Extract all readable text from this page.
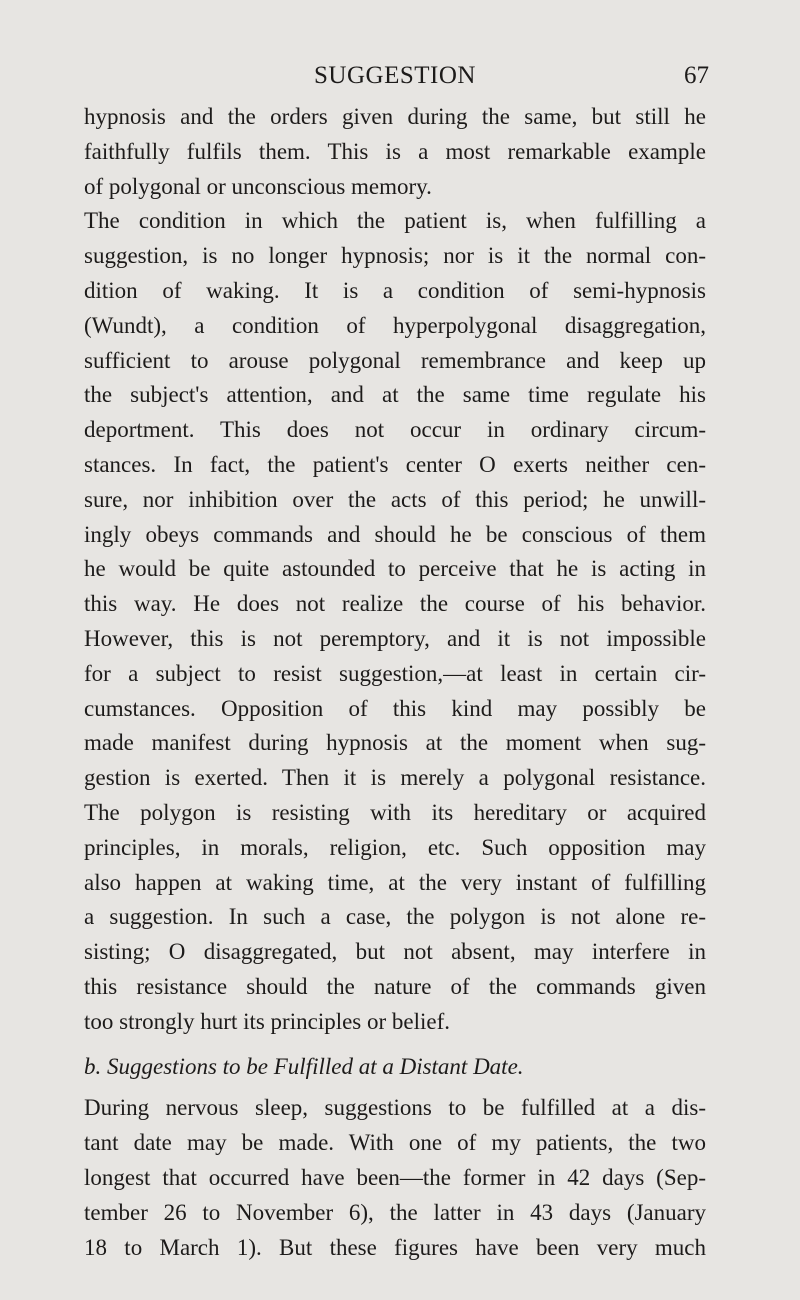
SUGGESTION	67
hypnosis and the orders given during the same, but still he
faithfully fulfils them. This is a most remarkable example
of polygonal or unconscious memory.
The condition in which the patient is, when fulfilling a
suggestion, is no longer hypnosis; nor is it the normal con-
dition of waking. It is a condition of semi-hypnosis
(Wundt), a condition of hyperpolygonal disaggregation,
sufficient to arouse polygonal remembrance and keep up
the subject's attention, and at the same time regulate his
deportment. This does not occur in ordinary circum-
stances. In fact, the patient's center O exerts neither cen-
sure, nor inhibition over the acts of this period; he unwill-
ingly obeys commands and should he be conscious of them
he would be quite astounded to perceive that he is acting in
this way. He does not realize the course of his behavior.
However, this is not peremptory, and it is not impossible
for a subject to resist suggestion,—at least in certain cir-
cumstances. Opposition of this kind may possibly be
made manifest during hypnosis at the moment when sug-
gestion is exerted. Then it is merely a polygonal resistance.
The polygon is resisting with its hereditary or acquired
principles, in morals, religion, etc. Such opposition may
also happen at waking time, at the very instant of fulfilling
a suggestion. In such a case, the polygon is not alone re-
sisting; O disaggregated, but not absent, may interfere in
this resistance should the nature of the commands given
too strongly hurt its principles or belief.
b. Suggestions to be Fulfilled at a Distant Date.
During nervous sleep, suggestions to be fulfilled at a dis-
tant date may be made. With one of my patients, the two
longest that occurred have been—the former in 42 days (Sep-
tember 26 to November 6), the latter in 43 days (January
18 to March 1). But these figures have been very much
